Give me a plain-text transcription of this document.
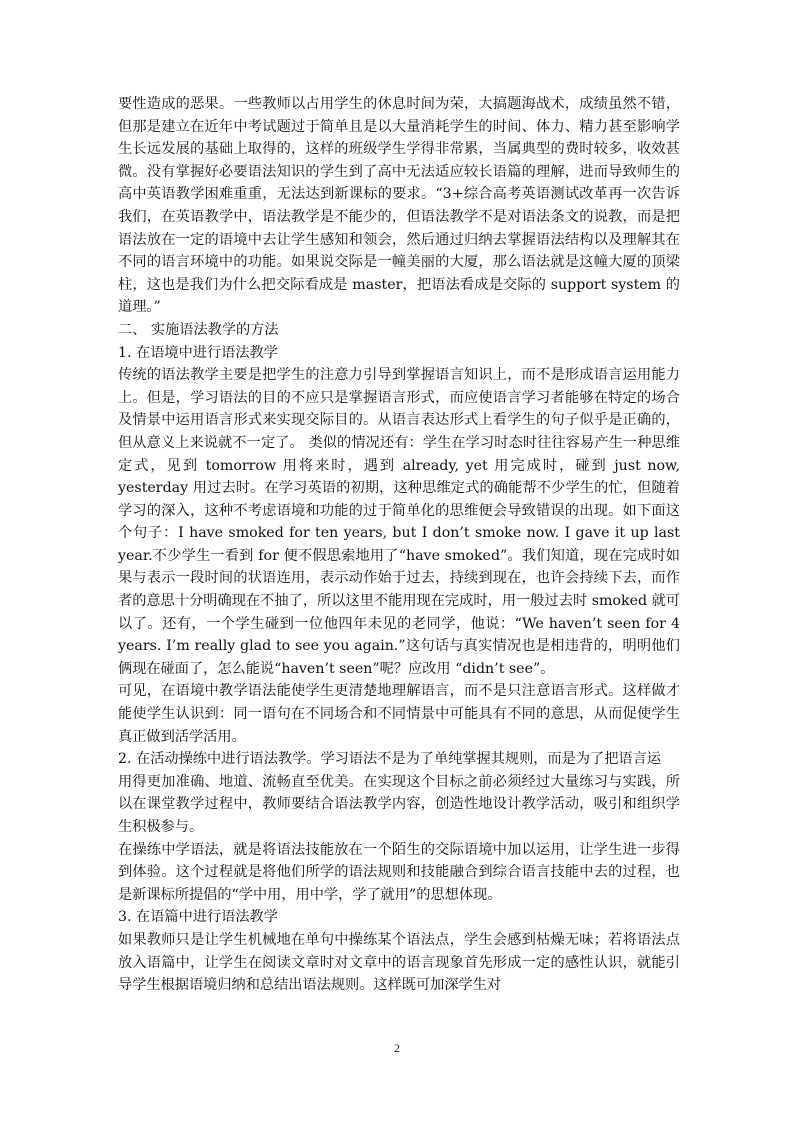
要性造成的恶果。一些教师以占用学生的休息时间为荣，大搞题海战术，成绩虽然不错，但那是建立在近年中考试题过于简单且是以大量消耗学生的时间、体力、精力甚至影响学生长远发展的基础上取得的，这样的班级学生学得非常累，当属典型的费时较多，收效甚微。没有掌握好必要语法知识的学生到了高中无法适应较长语篇的理解，进而导致师生的高中英语教学困难重重，无法达到新课标的要求。“3+综合高考英语测试改革再一次告诉我们，在英语教学中，语法教学是不能少的，但语法教学不是对语法条文的说教，而是把语法放在一定的语境中去让学生感知和领会，然后通过归纳去掌握语法结构以及理解其在不同的语言环境中的功能。如果说交际是一幢美丽的大厦，那么语法就是这幢大厦的顶梁柱，这也是我们为什么把交际看成是 master，把语法看成是交际的 support system 的道理。”

二、 实施语法教学的方法

1. 在语境中进行语法教学

传统的语法教学主要是把学生的注意力引导到掌握语言知识上，而不是形成语言运用能力上。但是，学习语法的目的不应只是掌握语言形式，而应使语言学习者能够在特定的场合及情景中运用语言形式来实现交际目的。从语言表达形式上看学生的句子似乎是正确的，但从意义上来说就不一定了。 类似的情况还有：学生在学习时态时往往容易产生一种思维定式，见到 tomorrow 用将来时，遇到 already, yet 用完成时，碰到 just now, yesterday 用过去时。在学习英语的初期，这种思维定式的确能帮不少学生的忙，但随着学习的深入，这种不考虑语境和功能的过于简单化的思维便会导致错误的出现。如下面这个句子：I have smoked for ten years, but I don’t smoke now. I gave it up last year.不少学生一看到 for 便不假思索地用了“have smoked”。我们知道，现在完成时如果与表示一段时间的状语连用，表示动作始于过去，持续到现在，也许会持续下去，而作者的意思十分明确现在不抽了，所以这里不能用现在完成时，用一般过去时 smoked 就可以了。还有，一个学生碰到一位他四年未见的老同学，他说：“We haven’t seen for 4 years. I’m really glad to see you again.”这句话与真实情况也是相违背的，明明他们俩现在碰面了，怎么能说“haven’t seen”呢？应改用 “didn’t see”。

可见，在语境中教学语法能使学生更清楚地理解语言，而不是只注意语言形式。这样做才能使学生认识到：同一语句在不同场合和不同情景中可能具有不同的意思，从而促使学生真正做到活学活用。

2. 在活动操练中进行语法教学。学习语法不是为了单纯掌握其规则，而是为了把语言运

用得更加准确、地道、流畅直至优美。在实现这个目标之前必须经过大量练习与实践，所以在课堂教学过程中，教师要结合语法教学内容，创造性地设计教学活动，吸引和组织学生积极参与。

在操练中学语法，就是将语法技能放在一个陌生的交际语境中加以运用，让学生进一步得到体验。这个过程就是将他们所学的语法规则和技能融合到综合语言技能中去的过程，也是新课标所提倡的“学中用，用中学，学了就用”的思想体现。

3. 在语篇中进行语法教学

如果教师只是让学生机械地在单句中操练某个语法点，学生会感到枯燥无味；若将语法点放入语篇中，让学生在阅读文章时对文章中的语言现象首先形成一定的感性认识，就能引导学生根据语境归纳和总结出语法规则。这样既可加深学生对

2
